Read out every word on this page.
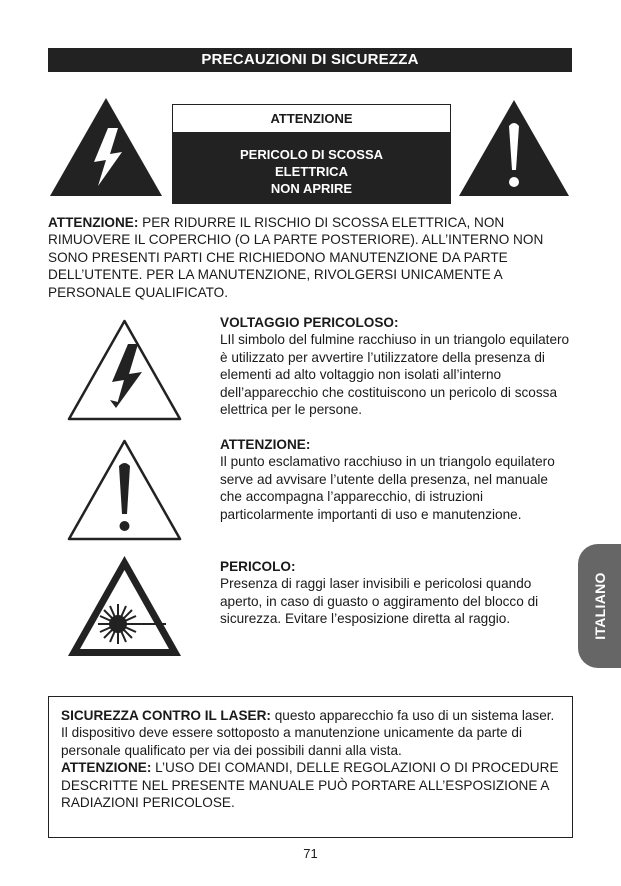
PRECAUZIONI DI SICUREZZA
ATTENZIONE
PERICOLO DI SCOSSA
ELETTRICA
NON APRIRE
ATTENZIONE: PER RIDURRE IL RISCHIO DI SCOSSA ELETTRICA, NON RIMUOVERE IL COPERCHIO (O LA PARTE POSTERIORE). ALL’INTERNO NON SONO PRESENTI PARTI CHE RICHIEDONO MANUTENZIONE DA PARTE DELL’UTENTE. PER LA MANUTENZIONE, RIVOLGERSI UNICAMENTE A PERSONALE QUALIFICATO.
VOLTAGGIO PERICOLOSO:
LIl simbolo del fulmine racchiuso in un triangolo equilatero è utilizzato per avvertire l’utilizzatore della presenza di elementi ad alto voltaggio non isolati all’interno dell’apparecchio che costituiscono un pericolo di scossa elettrica per le persone.
ATTENZIONE:
Il punto esclamativo racchiuso in un triangolo equilatero serve ad avvisare l’utente della presenza, nel manuale che accompagna l’apparecchio, di istruzioni particolarmente importanti di uso e manutenzione.
PERICOLO:
Presenza di raggi laser invisibili e pericolosi quando aperto, in caso di guasto o aggiramento del blocco di sicurezza. Evitare l’esposizione diretta al raggio.	ITALIANO
SICUREZZA CONTRO IL LASER: questo apparecchio fa uso di un sistema laser. Il dispositivo deve essere sottoposto a manutenzione unicamente da parte di personale qualificato per via dei possibili danni alla vista.
ATTENZIONE: L’USO DEI COMANDI, DELLE REGOLAZIONI O DI PROCEDURE DESCRITTE NEL PRESENTE MANUALE PUÒ PORTARE ALL’ESPOSIZIONE A RADIAZIONI PERICOLOSE.
71
